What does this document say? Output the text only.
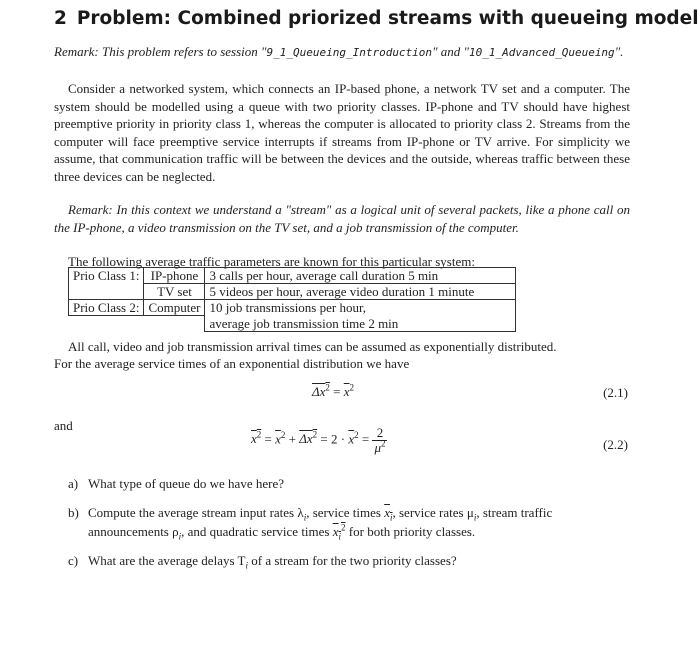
2 Problem: Combined priorized streams with queueing model
Remark: This problem refers to session "9_1_Queueing_Introduction" and "10_1_Advanced_Queueing".
Consider a networked system, which connects an IP-based phone, a network TV set and a computer. The system should be modelled using a queue with two priority classes. IP-phone and TV should have highest preemptive priority in priority class 1, whereas the computer is allocated to priority class 2. Streams from the computer will face preemptive service interrupts if streams from IP-phone or TV arrive. For simplicity we assume, that communication traffic will be between the devices and the outside, whereas traffic between these three devices can be neglected.
Remark: In this context we understand a "stream" as a logical unit of several packets, like a phone call on the IP-phone, a video transmission on the TV set, and a job transmission of the computer.
The following average traffic parameters are known for this particular system:
Prio Class 1:	IP-phone	3 calls per hour, average call duration 5 min
	TV set	5 videos per hour, average video duration 1 minute
Prio Class 2:	Computer	10 job transmissions per hour,
		average job transmission time 2 min
All call, video and job transmission arrival times can be assumed as exponentially distributed.
For the average service times of an exponential distribution we have
$\Delta x^2 = \overline{x}^2$	(2.1)
and
$x^2 = \overline{x}^2 + \Delta x^2 = 2 \cdot \overline{x}^2 = \frac{2}{\mu^2}$	(2.2)
a) What type of queue do we have here?
b) Compute the average stream input rates $\lambda_i$, service times $x_i$, service rates $\mu_i$, stream traffic
announcements $\rho_i$, and quadratic service times $x_i^2$ for both priority classes.
c) What are the average delays $T_i$ of a stream for the two priority classes?
